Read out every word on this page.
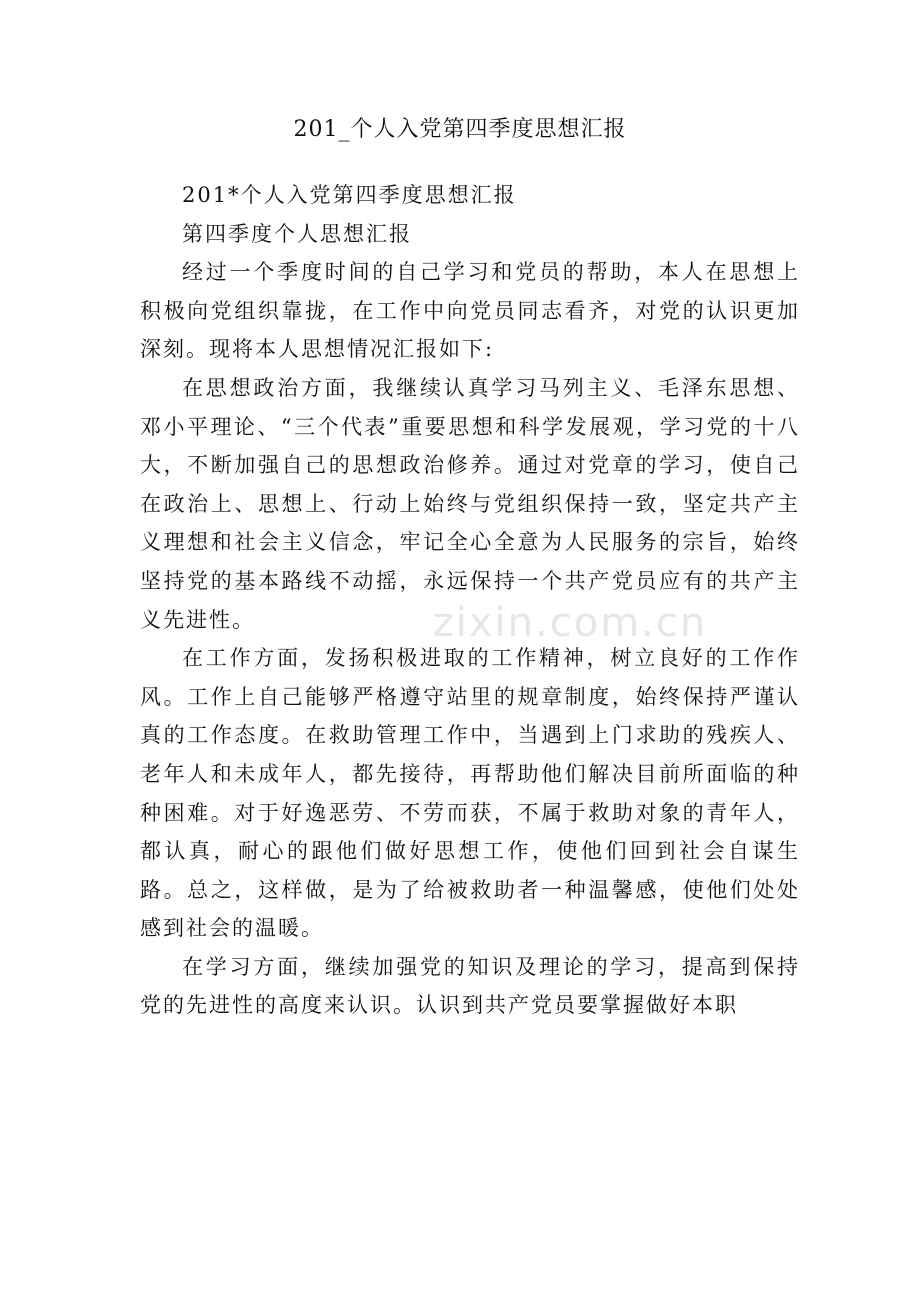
zixin.com.cn
201_个人入党第四季度思想汇报

201*个人入党第四季度思想汇报

第四季度个人思想汇报

经过一个季度时间的自己学习和党员的帮助，本人在思想上积极向党组织靠拢，在工作中向党员同志看齐，对党的认识更加深刻。现将本人思想情况汇报如下:

在思想政治方面，我继续认真学习马列主义、毛泽东思想、邓小平理论、“三个代表”重要思想和科学发展观，学习党的十八大，不断加强自己的思想政治修养。通过对党章的学习，使自己在政治上、思想上、行动上始终与党组织保持一致，坚定共产主义理想和社会主义信念，牢记全心全意为人民服务的宗旨，始终坚持党的基本路线不动摇，永远保持一个共产党员应有的共产主义先进性。

在工作方面，发扬积极进取的工作精神，树立良好的工作作风。工作上自己能够严格遵守站里的规章制度，始终保持严谨认真的工作态度。在救助管理工作中，当遇到上门求助的残疾人、老年人和未成年人，都先接待，再帮助他们解决目前所面临的种种困难。对于好逸恶劳、不劳而获，不属于救助对象的青年人，都认真，耐心的跟他们做好思想工作，使他们回到社会自谋生路。总之，这样做，是为了给被救助者一种温馨感，使他们处处感到社会的温暖。

在学习方面，继续加强党的知识及理论的学习，提高到保持党的先进性的高度来认识。认识到共产党员要掌握做好本职
